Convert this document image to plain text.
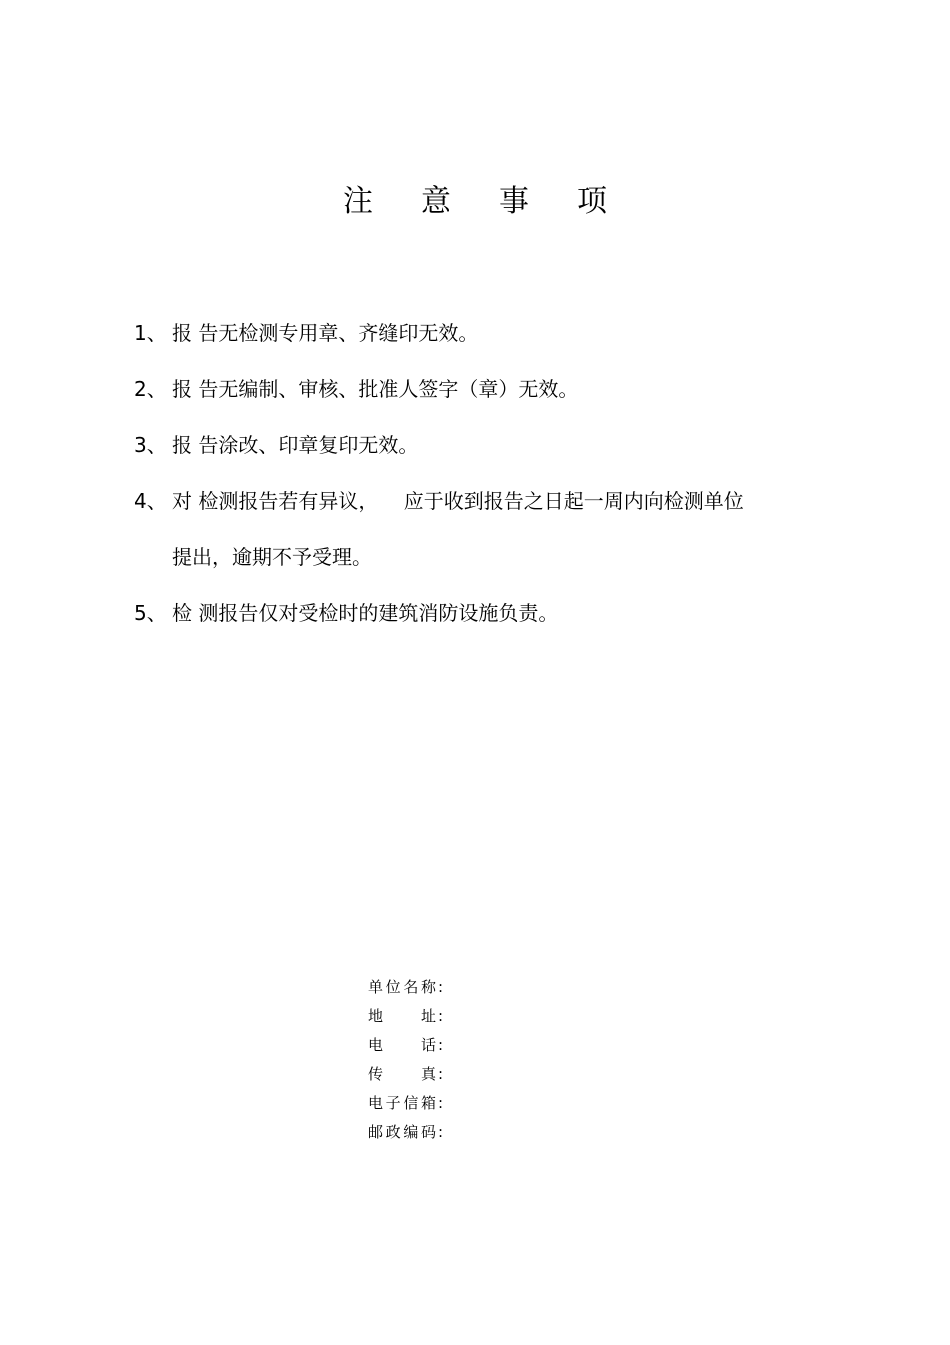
注 意 事 项
1、 报 告无检测专用章、齐缝印无效。
2、 报 告无编制、审核、批准人签字（章）无效。
3、 报 告涂改、印章复印无效。
4、 对 检测报告若有异议，    应于收到报告之日起一周内向检测单位
提出，逾期不予受理。
5、 检 测报告仅对受检时的建筑消防设施负责。
单位名称 :
地址 :
电话 :
传真 :
电子信箱 :
邮政编码 :
